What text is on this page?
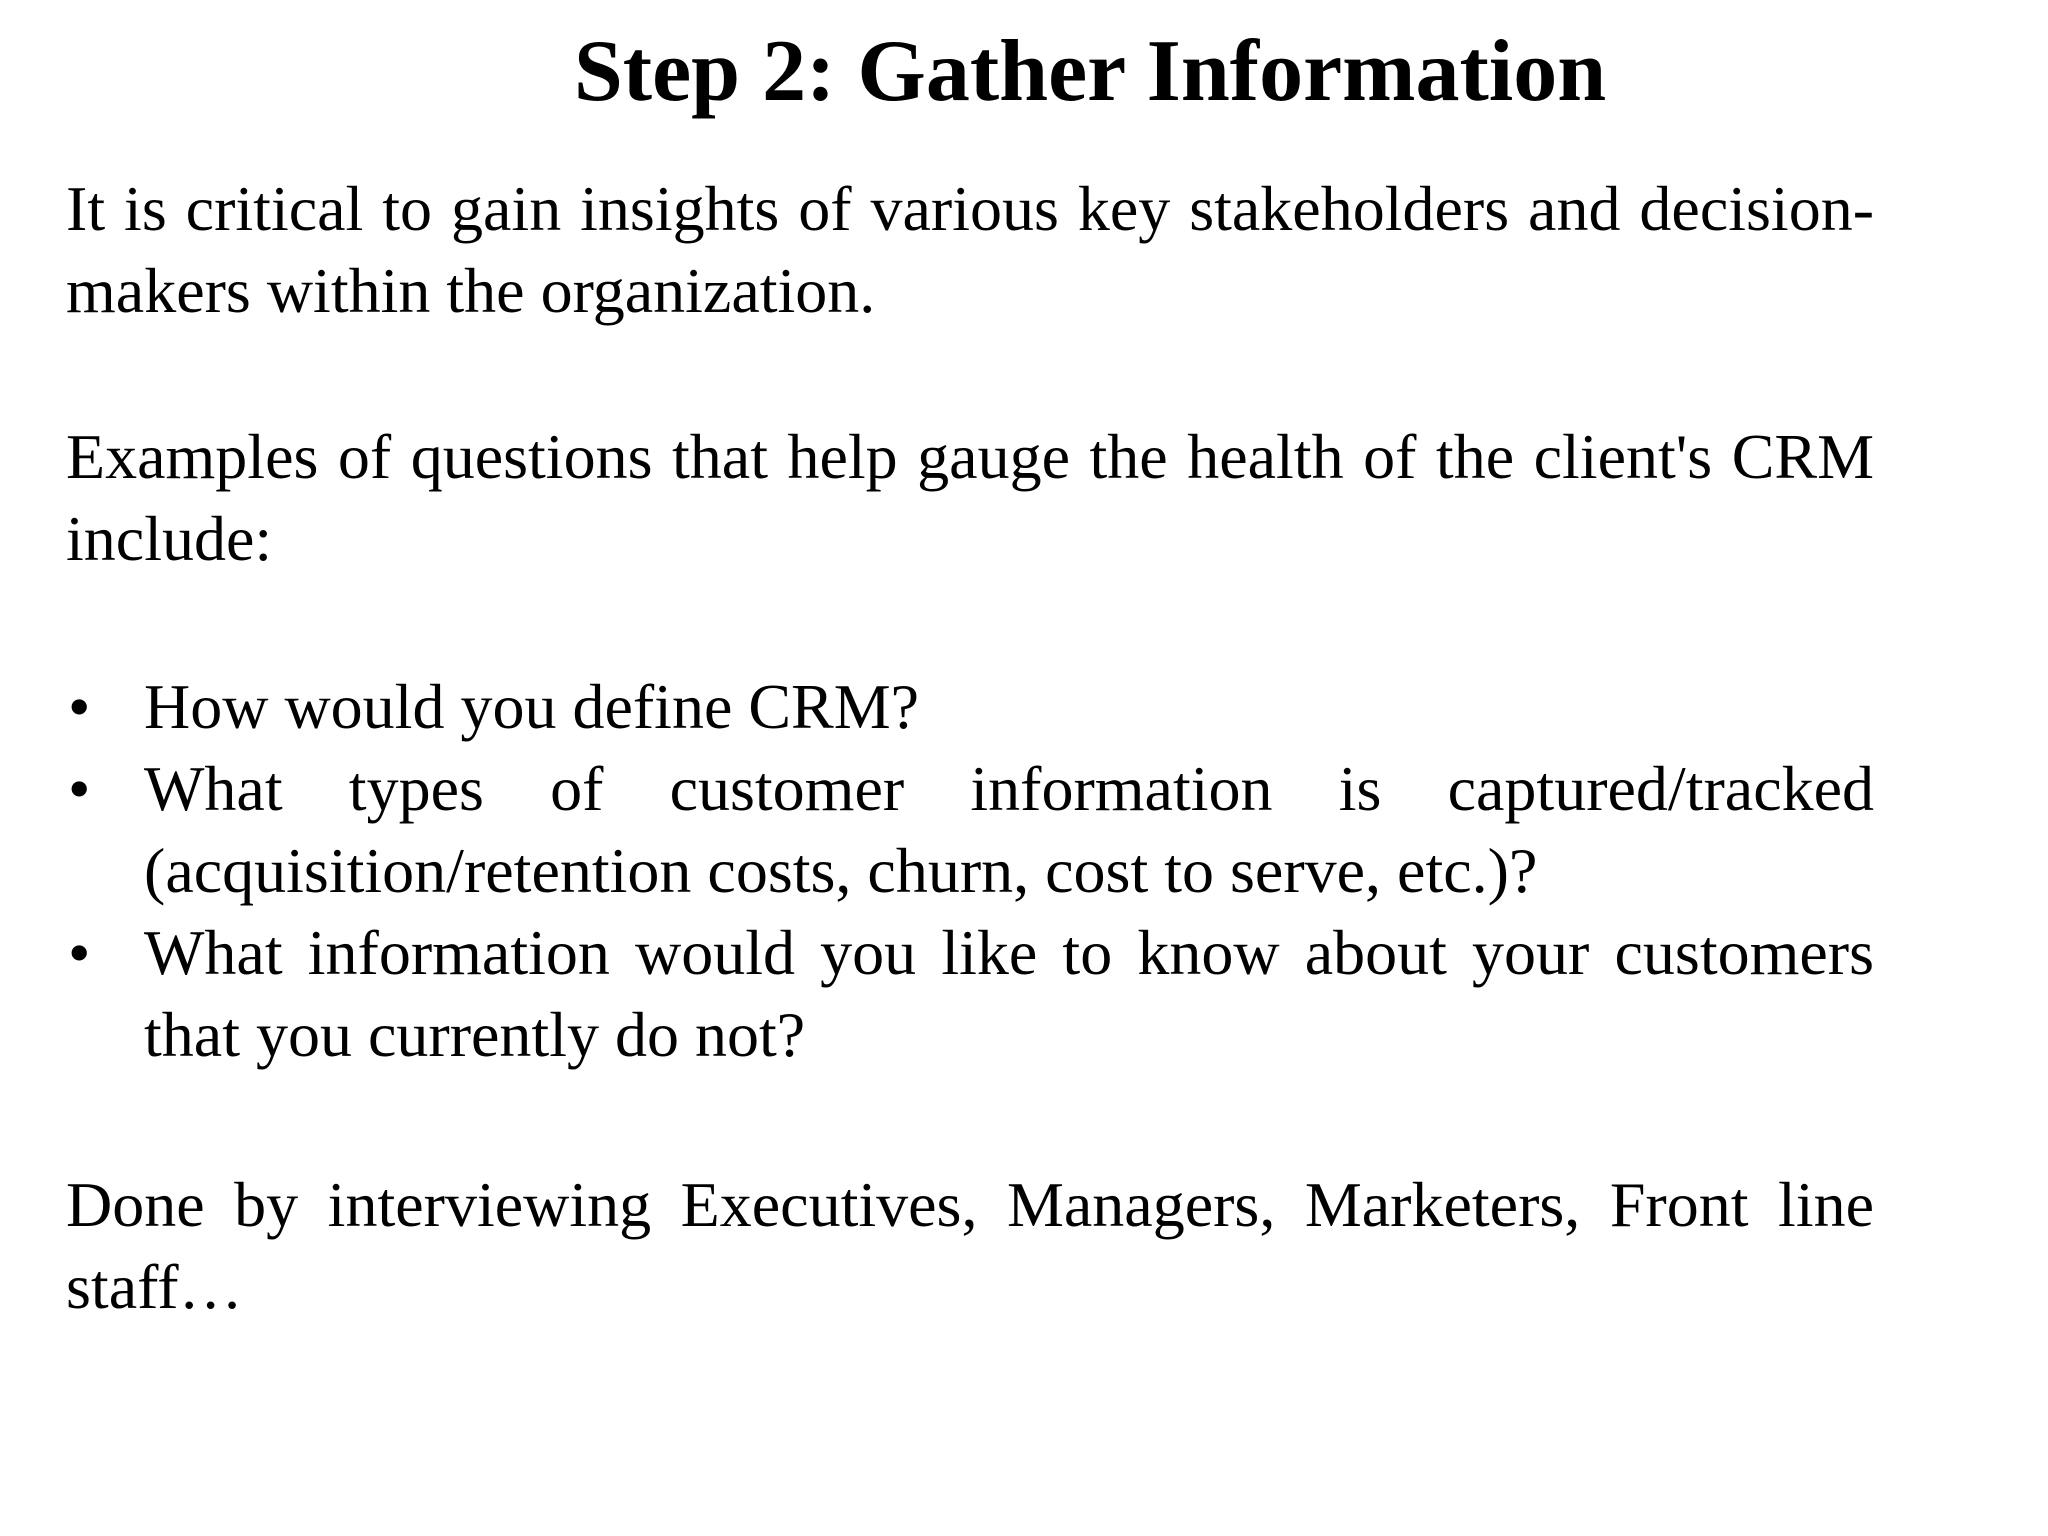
Step 2: Gather Information
It is critical to gain insights of various key stakeholders and decision-makers within the organization.
Examples of questions that help gauge the health of the client's CRM include:
• How would you define CRM?
• What types of customer information is captured/tracked (acquisition/retention costs, churn, cost to serve, etc.)?
• What information would you like to know about your customers that you currently do not?
Done by interviewing Executives, Managers, Marketers, Front line staff…
